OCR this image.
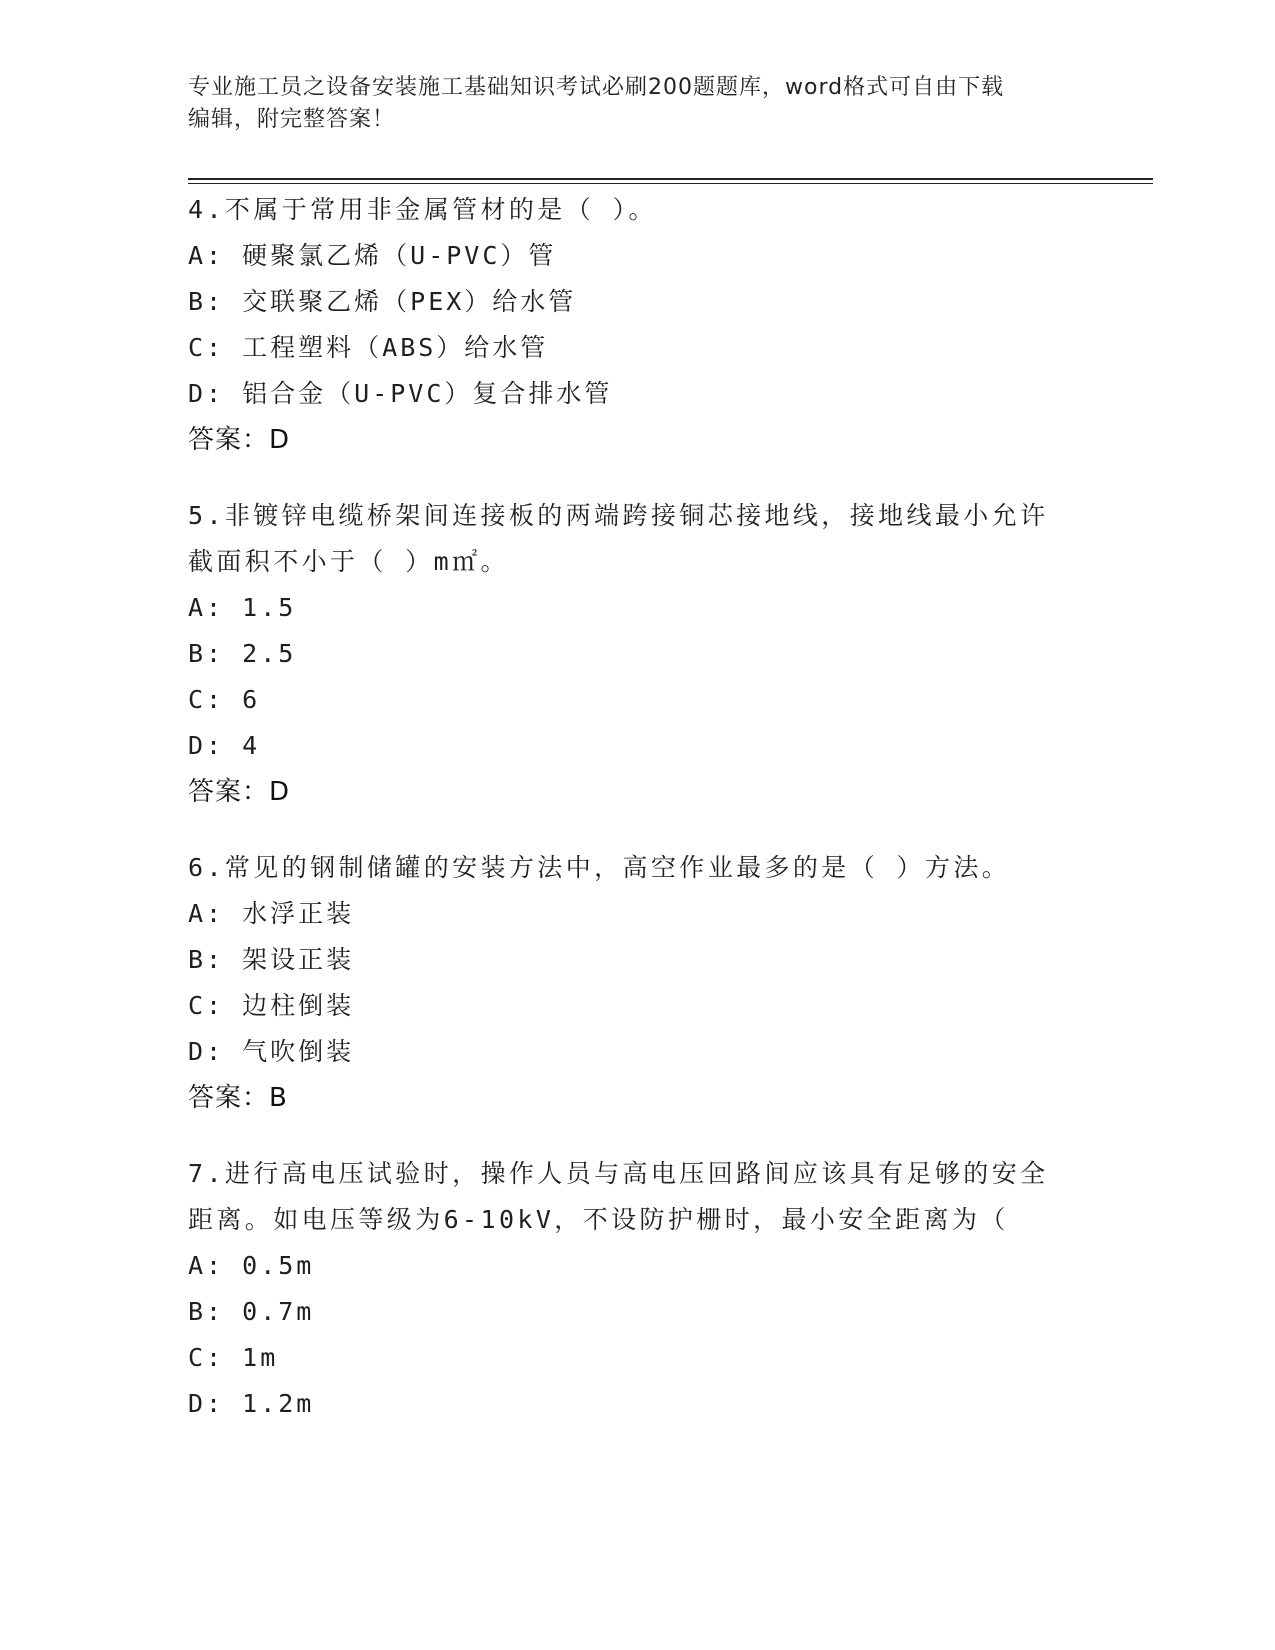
专业施工员之设备安装施工基础知识考试必刷200题题库，word格式可自由下载
编辑，附完整答案！
4.不属于常用非金属管材的是（ ）。
A: 硬聚氯乙烯（U-PVC）管
B: 交联聚乙烯（PEX）给水管
C: 工程塑料（ABS）给水管
D: 铝合金（U-PVC）复合排水管
答案：D
5.非镀锌电缆桥架间连接板的两端跨接铜芯接地线，接地线最小允许
截面积不小于（ ）m㎡。
A: 1.5
B: 2.5
C: 6
D: 4
答案：D
6.常见的钢制储罐的安装方法中，高空作业最多的是（ ）方法。
A: 水浮正装
B: 架设正装
C: 边柱倒装
D: 气吹倒装
答案：B
7.进行高电压试验时，操作人员与高电压回路间应该具有足够的安全
距离。如电压等级为6-10kV，不设防护栅时，最小安全距离为（
A: 0.5m
B: 0.7m
C: 1m
D: 1.2m
